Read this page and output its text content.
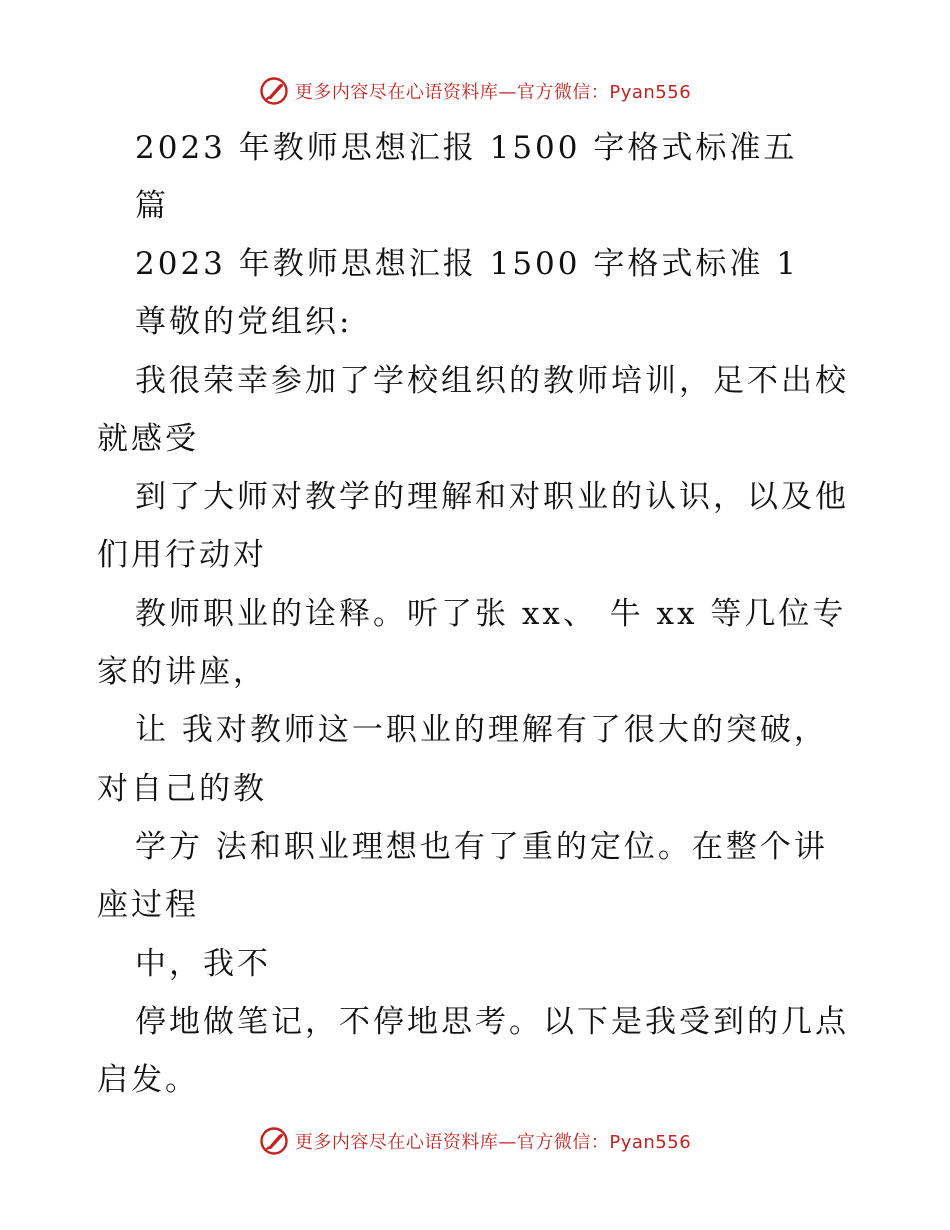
更多内容尽在心语资料库—官方微信：Pyan556
2023 年教师思想汇报 1500 字格式标准五
篇
2023 年教师思想汇报 1500 字格式标准 1
尊敬的党组织:
我很荣幸参加了学校组织的教师培训，足不出校
就感受
到了大师对教学的理解和对职业的认识，以及他
们用行动对
教师职业的诠释。听了张 xx、 牛 xx 等几位专
家的讲座，
让 我对教师这一职业的理解有了很大的突破，
对自己的教
学方 法和职业理想也有了重的定位。在整个讲
座过程
中，我不
停地做笔记，不停地思考。以下是我受到的几点
启发。
更多内容尽在心语资料库—官方微信：Pyan556
